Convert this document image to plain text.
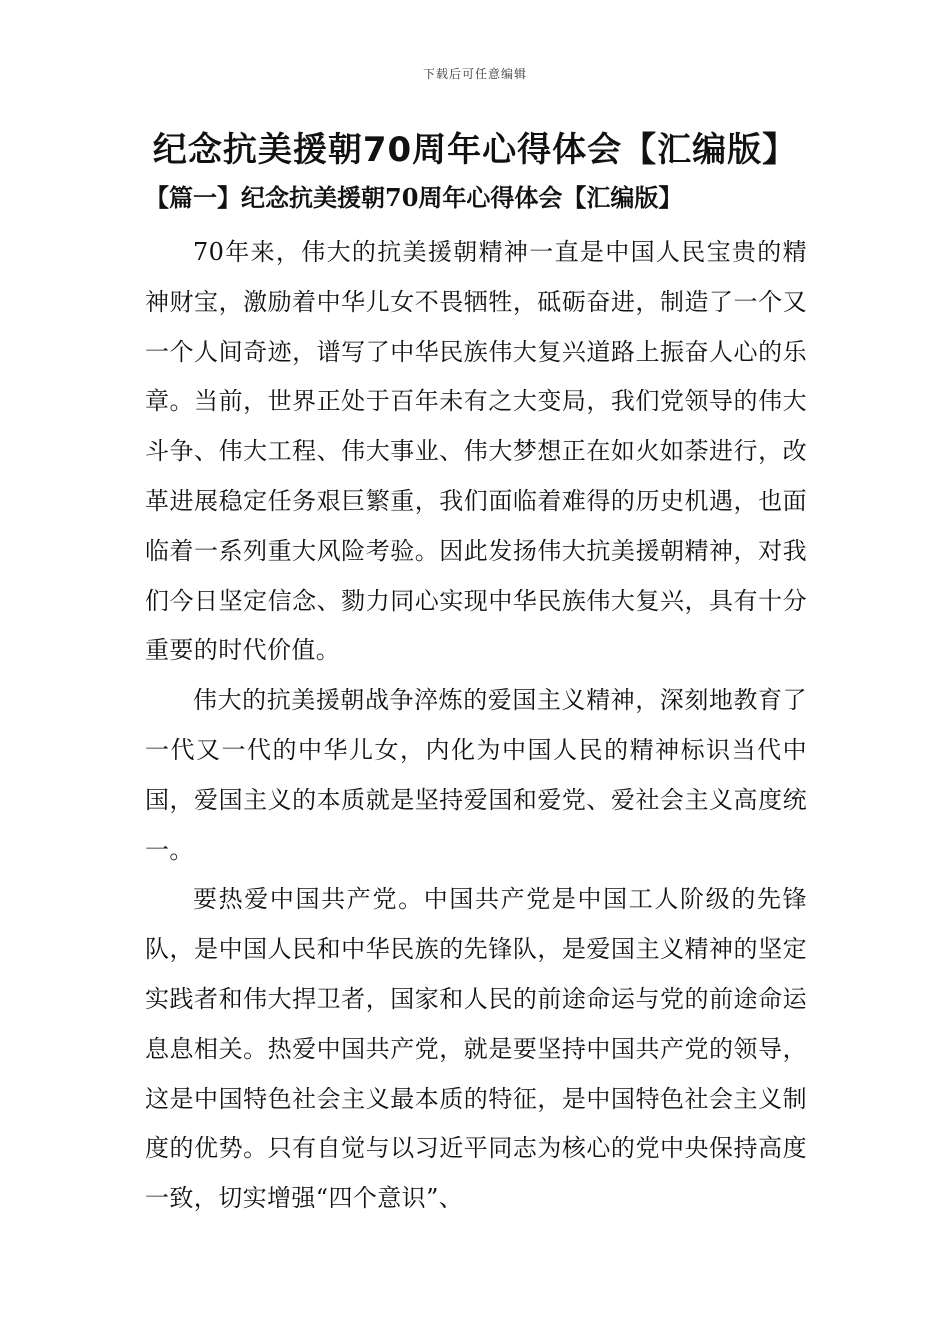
下载后可任意编辑
纪念抗美援朝70周年心得体会【汇编版】
【篇一】纪念抗美援朝70周年心得体会【汇编版】

70年来，伟大的抗美援朝精神一直是中国人民宝贵的精神财宝，激励着中华儿女不畏牺牲，砥砺奋进，制造了一个又一个人间奇迹，谱写了中华民族伟大复兴道路上振奋人心的乐章。当前，世界正处于百年未有之大变局，我们党领导的伟大斗争、伟大工程、伟大事业、伟大梦想正在如火如荼进行，改革进展稳定任务艰巨繁重，我们面临着难得的历史机遇，也面临着一系列重大风险考验。因此发扬伟大抗美援朝精神，对我们今日坚定信念、勠力同心实现中华民族伟大复兴，具有十分重要的时代价值。

伟大的抗美援朝战争淬炼的爱国主义精神，深刻地教育了一代又一代的中华儿女，内化为中国人民的精神标识当代中国，爱国主义的本质就是坚持爱国和爱党、爱社会主义高度统一。

要热爱中国共产党。中国共产党是中国工人阶级的先锋队，是中国人民和中华民族的先锋队，是爱国主义精神的坚定实践者和伟大捍卫者，国家和人民的前途命运与党的前途命运息息相关。热爱中国共产党，就是要坚持中国共产党的领导，这是中国特色社会主义最本质的特征，是中国特色社会主义制度的优势。只有自觉与以习近平同志为核心的党中央保持高度一致，切实增强“四个意识”、
